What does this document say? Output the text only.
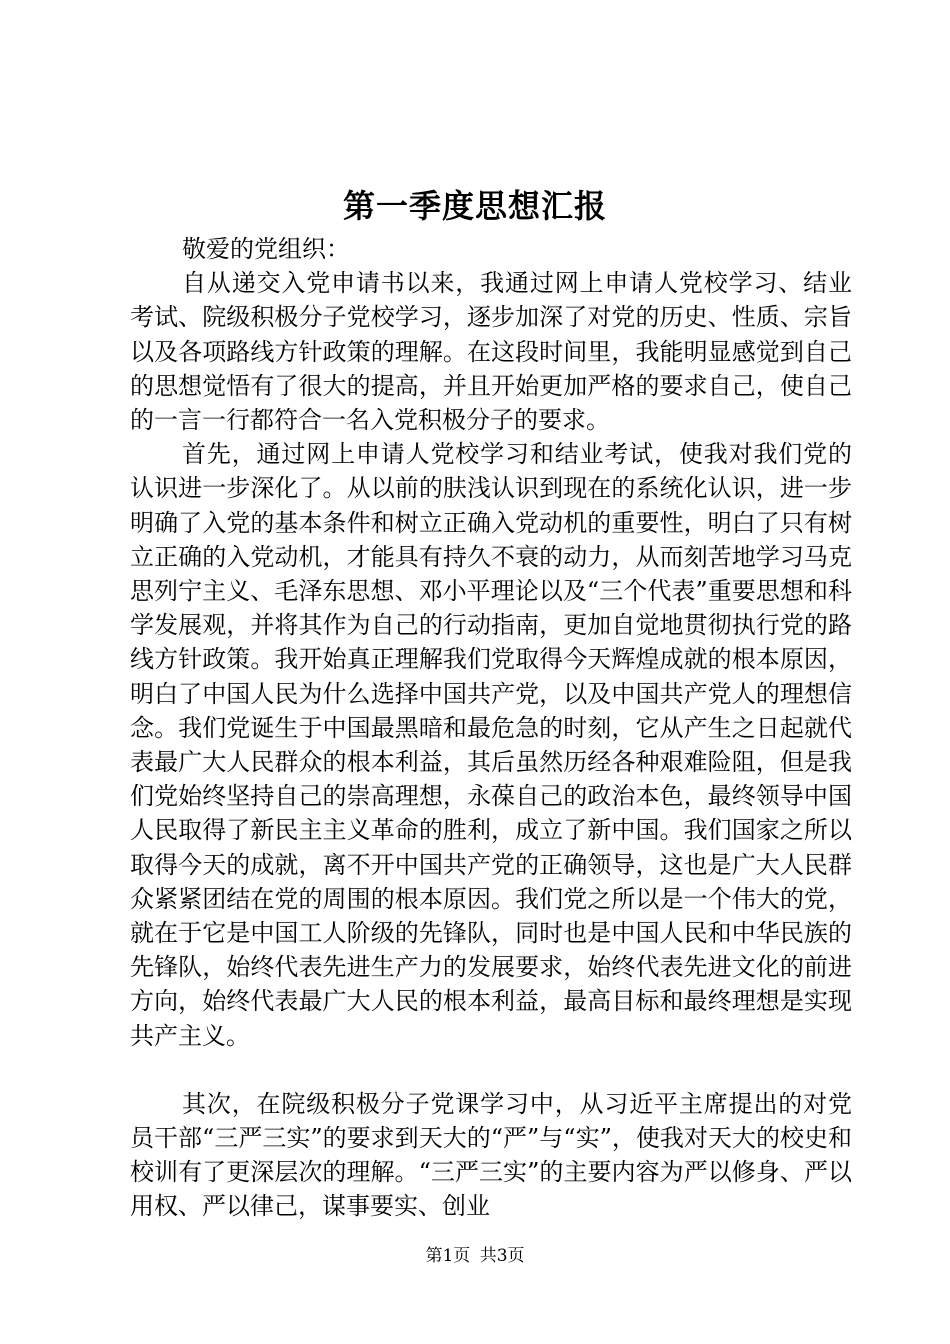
第一季度思想汇报

敬爱的党组织：

自从递交入党申请书以来，我通过网上申请人党校学习、结业考试、院级积极分子党校学习，逐步加深了对党的历史、性质、宗旨以及各项路线方针政策的理解。在这段时间里，我能明显感觉到自己的思想觉悟有了很大的提高，并且开始更加严格的要求自己，使自己的一言一行都符合一名入党积极分子的要求。

首先，通过网上申请人党校学习和结业考试，使我对我们党的认识进一步深化了。从以前的肤浅认识到现在的系统化认识，进一步明确了入党的基本条件和树立正确入党动机的重要性，明白了只有树立正确的入党动机，才能具有持久不衰的动力，从而刻苦地学习马克思列宁主义、毛泽东思想、邓小平理论以及“三个代表”重要思想和科学发展观，并将其作为自己的行动指南，更加自觉地贯彻执行党的路线方针政策。我开始真正理解我们党取得今天辉煌成就的根本原因，明白了中国人民为什么选择中国共产党，以及中国共产党人的理想信念。我们党诞生于中国最黑暗和最危急的时刻，它从产生之日起就代表最广大人民群众的根本利益，其后虽然历经各种艰难险阻，但是我们党始终坚持自己的崇高理想，永葆自己的政治本色，最终领导中国人民取得了新民主主义革命的胜利，成立了新中国。我们国家之所以取得今天的成就，离不开中国共产党的正确领导，这也是广大人民群众紧紧团结在党的周围的根本原因。我们党之所以是一个伟大的党，就在于它是中国工人阶级的先锋队，同时也是中国人民和中华民族的先锋队，始终代表先进生产力的发展要求，始终代表先进文化的前进方向，始终代表最广大人民的根本利益，最高目标和最终理想是实现共产主义。

其次，在院级积极分子党课学习中，从习近平主席提出的对党员干部“三严三实”的要求到天大的“严”与“实”，使我对天大的校史和校训有了更深层次的理解。“三严三实”的主要内容为严以修身、严以用权、严以律己，谋事要实、创业

第1页 共3页
